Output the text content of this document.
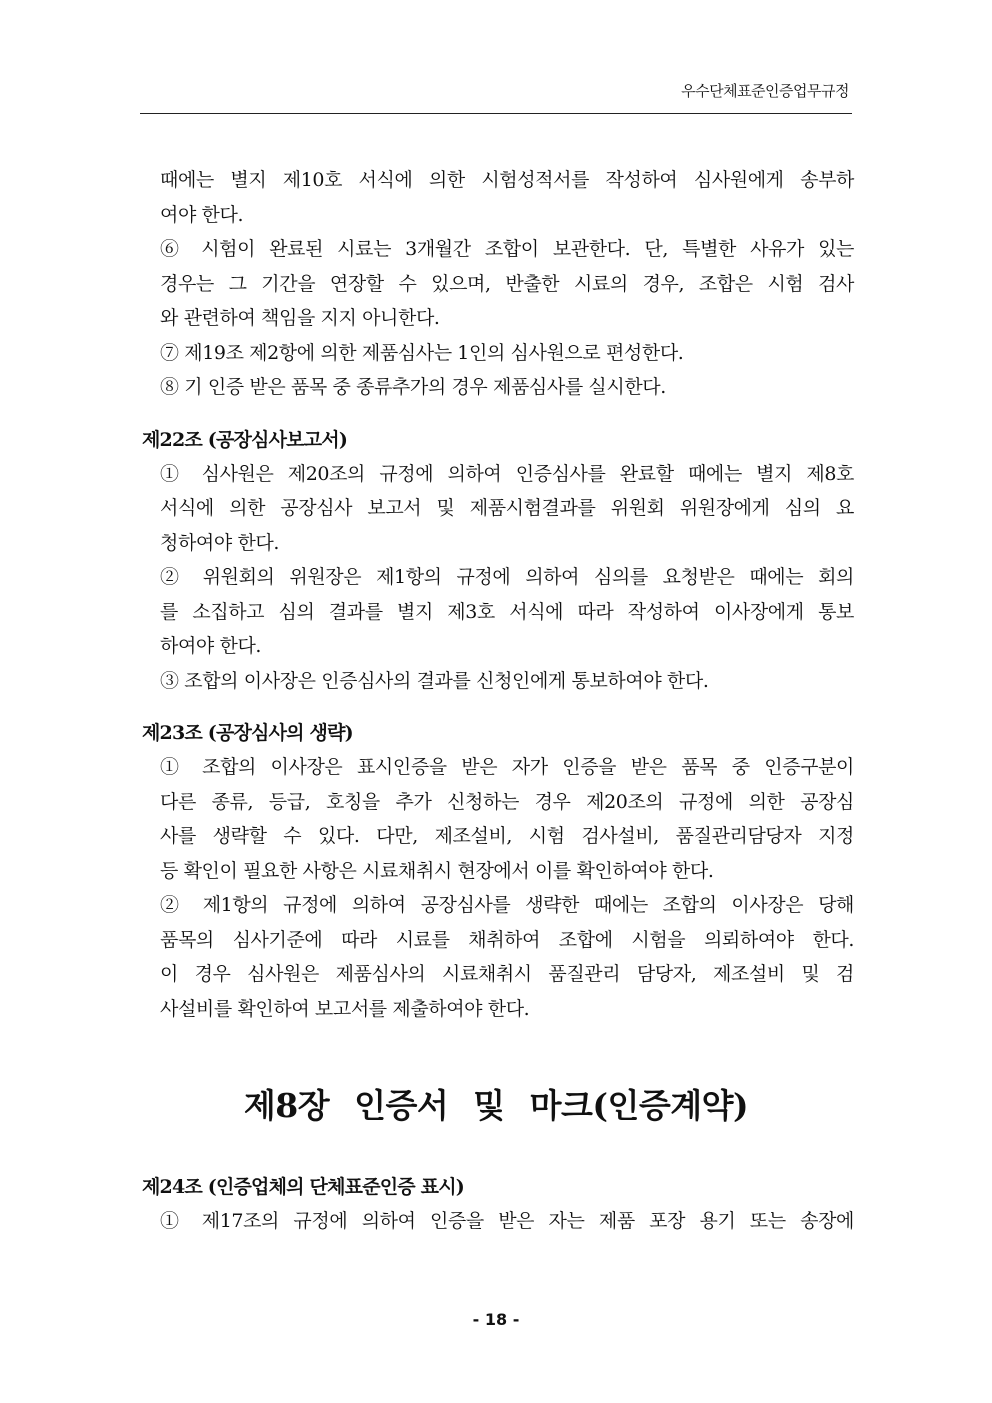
우수단체표준인증업무규정
때에는 별지 제10호 서식에 의한 시험성적서를 작성하여 심사원에게 송부하
여야 한다.
⑥ 시험이 완료된 시료는 3개월간 조합이 보관한다. 단, 특별한 사유가 있는
경우는 그 기간을 연장할 수 있으며, 반출한 시료의 경우, 조합은 시험 검사
와 관련하여 책임을 지지 아니한다.
⑦ 제19조 제2항에 의한 제품심사는 1인의 심사원으로 편성한다.
⑧ 기 인증 받은 품목 중 종류추가의 경우 제품심사를 실시한다.
제22조 (공장심사보고서)
① 심사원은 제20조의 규정에 의하여 인증심사를 완료할 때에는 별지 제8호
서식에 의한 공장심사 보고서 및 제품시험결과를 위원회 위원장에게 심의 요
청하여야 한다.
② 위원회의 위원장은 제1항의 규정에 의하여 심의를 요청받은 때에는 회의
를 소집하고 심의 결과를 별지 제3호 서식에 따라 작성하여 이사장에게 통보
하여야 한다.
③ 조합의 이사장은 인증심사의 결과를 신청인에게 통보하여야 한다.
제23조 (공장심사의 생략)
① 조합의 이사장은 표시인증을 받은 자가 인증을 받은 품목 중 인증구분이
다른 종류, 등급, 호칭을 추가 신청하는 경우 제20조의 규정에 의한 공장심
사를 생략할 수 있다. 다만, 제조설비, 시험 검사설비, 품질관리담당자 지정
등 확인이 필요한 사항은 시료채취시 현장에서 이를 확인하여야 한다.
② 제1항의 규정에 의하여 공장심사를 생략한 때에는 조합의 이사장은 당해
품목의 심사기준에 따라 시료를 채취하여 조합에 시험을 의뢰하여야 한다.
이 경우 심사원은 제품심사의 시료채취시 품질관리 담당자, 제조설비 및 검
사설비를 확인하여 보고서를 제출하여야 한다.
제8장 인증서 및 마크(인증계약)
제24조 (인증업체의 단체표준인증 표시)
① 제17조의 규정에 의하여 인증을 받은 자는 제품 포장 용기 또는 송장에
- 18 -
